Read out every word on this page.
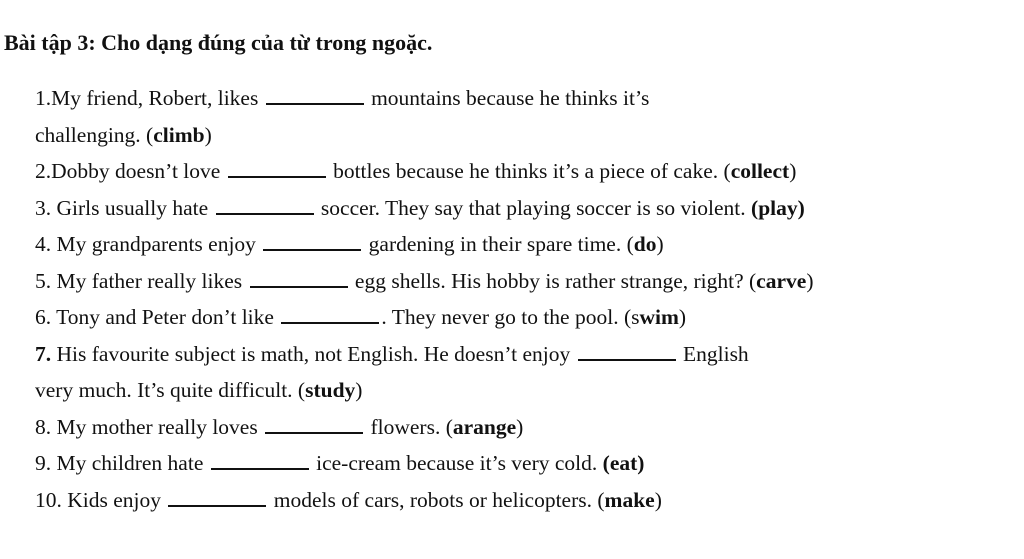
Bài tập 3: Cho dạng đúng của từ trong ngoặc.
1.My friend, Robert, likes	mountains because he thinks it’s
challenging. (climb)
2.Dobby doesn’t love	bottles because he thinks it’s a piece of cake. (collect)
3. Girls usually hate	soccer. They say that playing soccer is so violent. (play)
4. My grandparents enjoy	gardening in their spare time. (do)
5. My father really likes	egg shells. His hobby is rather strange, right? (carve)
6. Tony and Peter don’t like	. They never go to the pool. (swim)
7. His favourite subject is math, not English. He doesn’t enjoy	English
very much. It’s quite difficult. (study)
8. My mother really loves	flowers. (arange)
9. My children hate	ice-cream because it’s very cold. (eat)
10. Kids enjoy	models of cars, robots or helicopters. (make)
